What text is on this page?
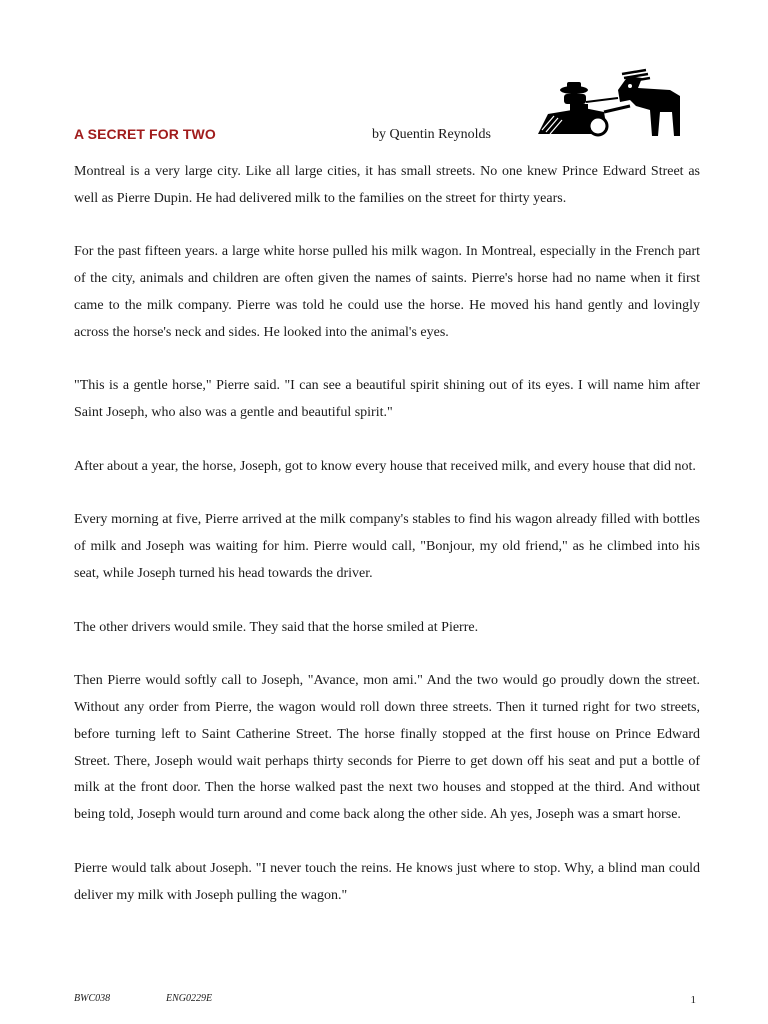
A SECRET FOR TWO	by Quentin Reynolds

Montreal is a very large city. Like all large cities, it has small streets. No one knew Prince Edward Street as well as Pierre Dupin. He had delivered milk to the families on the street for thirty years.

For the past fifteen years. a large white horse pulled his milk wagon. In Montreal, especially in the French part of the city, animals and children are often given the names of saints. Pierre's horse had no name when it first came to the milk company. Pierre was told he could use the horse. He moved his hand gently and lovingly across the horse's neck and sides. He looked into the animal's eyes.

"This is a gentle horse," Pierre said. "I can see a beautiful spirit shining out of its eyes. I will name him after Saint Joseph, who also was a gentle and beautiful spirit."

After about a year, the horse, Joseph, got to know every house that received milk, and every house that did not.

Every morning at five, Pierre arrived at the milk company's stables to find his wagon already filled with bottles of milk and Joseph was waiting for him. Pierre would call, "Bonjour, my old friend," as he climbed into his seat, while Joseph turned his head towards the driver.

The other drivers would smile. They said that the horse smiled at Pierre.

Then Pierre would softly call to Joseph, "Avance, mon ami." And the two would go proudly down the street. Without any order from Pierre, the wagon would roll down three streets. Then it turned right for two streets, before turning left to Saint Catherine Street. The horse finally stopped at the first house on Prince Edward Street. There, Joseph would wait perhaps thirty seconds for Pierre to get down off his seat and put a bottle of milk at the front door. Then the horse walked past the next two houses and stopped at the third. And without being told, Joseph would turn around and come back along the other side. Ah yes, Joseph was a smart horse.

Pierre would talk about Joseph. "I never touch the reins. He knows just where to stop. Why, a blind man could deliver my milk with Joseph pulling the wagon."

BWC038	ENG0229E	1
